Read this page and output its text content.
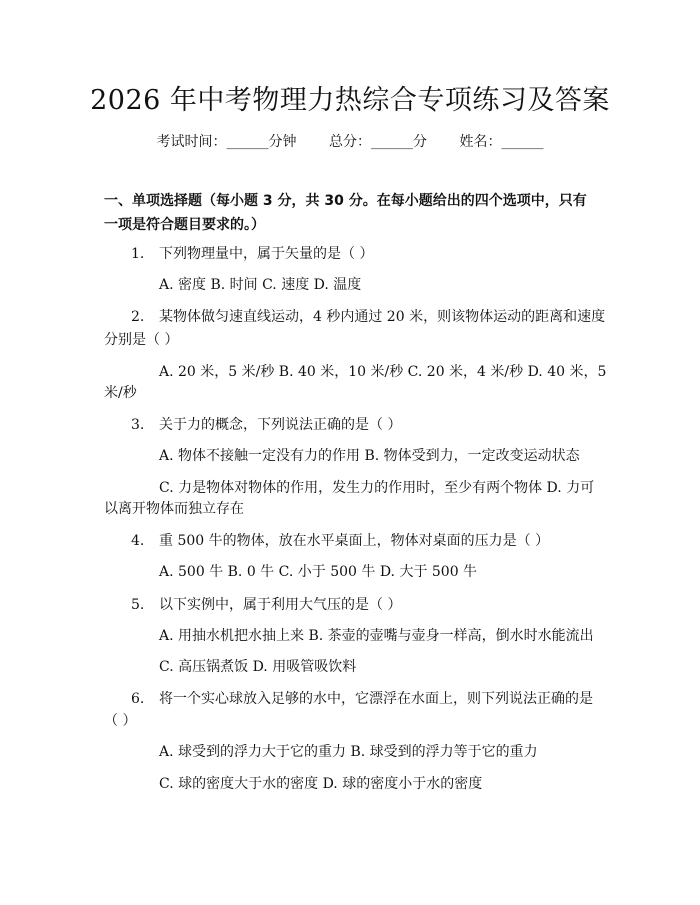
2026 年中考物理力热综合专项练习及答案
考试时间：______分钟 总分：______分 姓名：______
一、单项选择题（每小题 3 分，共 30 分。在每小题给出的四个选项中，只有一项是符合题目要求的。）
1. 下列物理量中，属于矢量的是（ ）
A. 密度 B. 时间 C. 速度 D. 温度
2. 某物体做匀速直线运动，4 秒内通过 20 米，则该物体运动的距离和速度
分别是（ ）
A. 20 米，5 米/秒 B. 40 米，10 米/秒 C. 20 米，4 米/秒 D. 40 米，5
米/秒
3. 关于力的概念，下列说法正确的是（ ）
A. 物体不接触一定没有力的作用 B. 物体受到力，一定改变运动状态
C. 力是物体对物体的作用，发生力的作用时，至少有两个物体 D. 力可
以离开物体而独立存在
4. 重 500 牛的物体，放在水平桌面上，物体对桌面的压力是（ ）
A. 500 牛 B. 0 牛 C. 小于 500 牛 D. 大于 500 牛
5. 以下实例中，属于利用大气压的是（ ）
A. 用抽水机把水抽上来 B. 茶壶的壶嘴与壶身一样高，倒水时水能流出
C. 高压锅煮饭 D. 用吸管吸饮料
6. 将一个实心球放入足够的水中，它漂浮在水面上，则下列说法正确的是
（ ）
A. 球受到的浮力大于它的重力 B. 球受到的浮力等于它的重力
C. 球的密度大于水的密度 D. 球的密度小于水的密度
